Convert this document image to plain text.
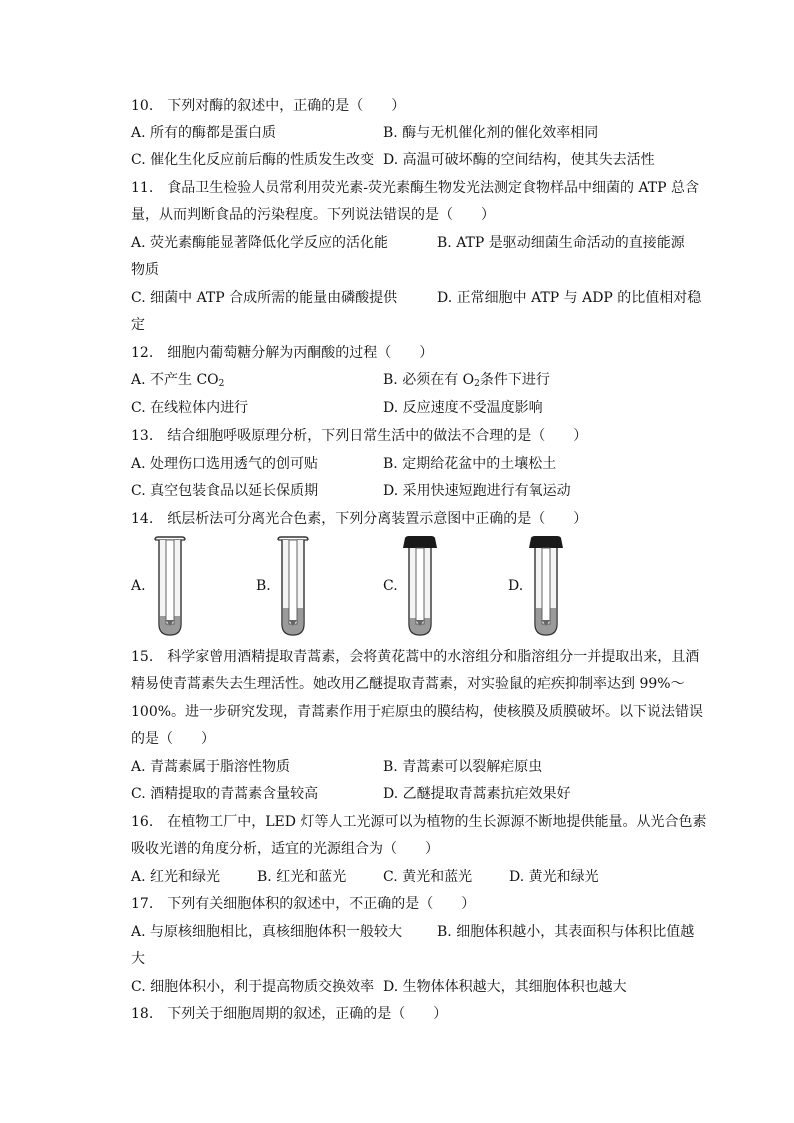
10.　下列对酶的叙述中，正确的是（　　）
A. 所有的酶都是蛋白质	B. 酶与无机催化剂的催化效率相同
C. 催化生化反应前后酶的性质发生改变 D. 高温可破坏酶的空间结构，使其失去活性
11.　食品卫生检验人员常利用荧光素-荧光素酶生物发光法测定食物样品中细菌的 ATP 总含
量，从而判断食品的污染程度。下列说法错误的是（　　）
A. 荧光素酶能显著降低化学反应的活化能	B. ATP 是驱动细菌生命活动的直接能源
物质
C. 细菌中 ATP 合成所需的能量由磷酸提供	D. 正常细胞中 ATP 与 ADP 的比值相对稳
定
12.　细胞内葡萄糖分解为丙酮酸的过程（　　）
A. 不产生 $CO_2$	B. 必须在有 $O_2$条件下进行
C. 在线粒体内进行	D. 反应速度不受温度影响
13.　结合细胞呼吸原理分析，下列日常生活中的做法不合理的是（　　）
A. 处理伤口选用透气的创可贴	B. 定期给花盆中的土壤松土
C. 真空包装食品以延长保质期	D. 采用快速短跑进行有氧运动
14.　纸层析法可分离光合色素，下列分离装置示意图中正确的是（　　）
A.	B.	C.	D.
15.　科学家曾用酒精提取青蒿素，会将黄花蒿中的水溶组分和脂溶组分一并提取出来，且酒
精易使青蒿素失去生理活性。她改用乙醚提取青蒿素，对实验鼠的疟疾抑制率达到 99%～
100%。进一步研究发现，青蒿素作用于疟原虫的膜结构，使核膜及质膜破坏。以下说法错误
的是（　　）
A. 青蒿素属于脂溶性物质	B. 青蒿素可以裂解疟原虫
C. 酒精提取的青蒿素含量较高	D. 乙醚提取青蒿素抗疟效果好
16.　在植物工厂中，LED 灯等人工光源可以为植物的生长源源不断地提供能量。从光合色素
吸收光谱的角度分析，适宜的光源组合为（　　）
A. 红光和绿光	B. 红光和蓝光	C. 黄光和蓝光	D. 黄光和绿光
17.　下列有关细胞体积的叙述中，不正确的是（　　）
A. 与原核细胞相比，真核细胞体积一般较大 B. 细胞体积越小，其表面积与体积比值越
大
C. 细胞体积小，利于提高物质交换效率 D. 生物体体积越大，其细胞体积也越大
18.　下列关于细胞周期的叙述，正确的是（　　）
